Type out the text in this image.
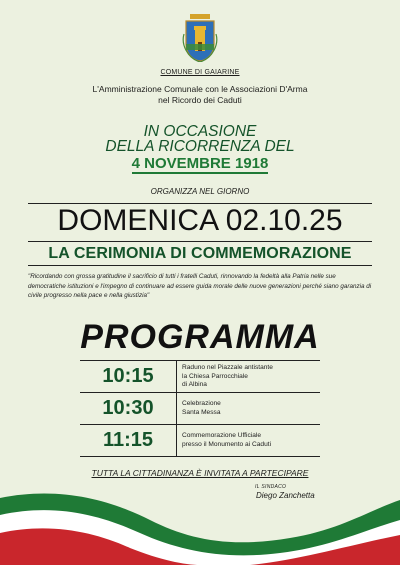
COMUNE DI GAIARINE
L'Amministrazione Comunale con le Associazioni D'Arma
nel Ricordo dei Caduti
IN OCCASIONE
DELLA RICORRENZA DEL
4 NOVEMBRE 1918
ORGANIZZA NEL GIORNO
DOMENICA 02.10.25
LA CERIMONIA DI COMMEMORAZIONE
"Ricordando con grossa gratitudine il sacrificio di tutti i fratelli Caduti, rinnovando la fedeltà alla Patria nelle sue democratiche istituzioni e l'impegno di continuare ad essere guida morale delle nuove generazioni perché siano garanzia di civile progresso nella pace e nella giustizia"
PROGRAMMA
10:15	Raduno nel Piazzale antistante
la Chiesa Parrocchiale
di Albina
10:30	Celebrazione
Santa Messa
11:15	Commemorazione Ufficiale
presso il Monumento ai Caduti
TUTTA LA CITTADINANZA È INVITATA A PARTECIPARE
IL SINDACO
Diego Zanchetta
